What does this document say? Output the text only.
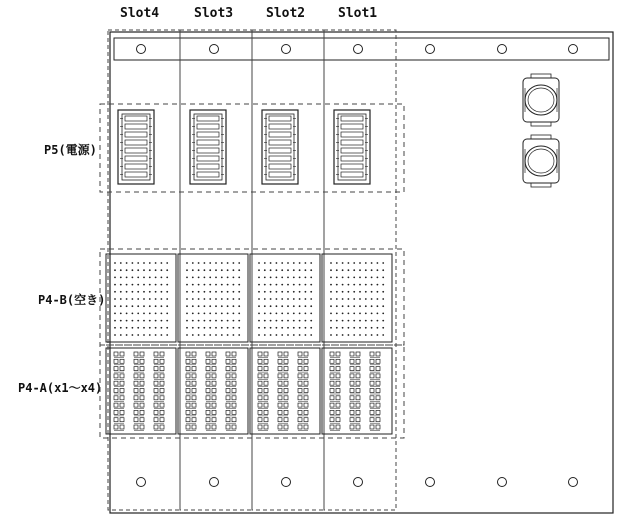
Slot4	Slot3	Slot2	Slot1
P5(電源)
P4-B(空き)
P4-A(x1～x4)
